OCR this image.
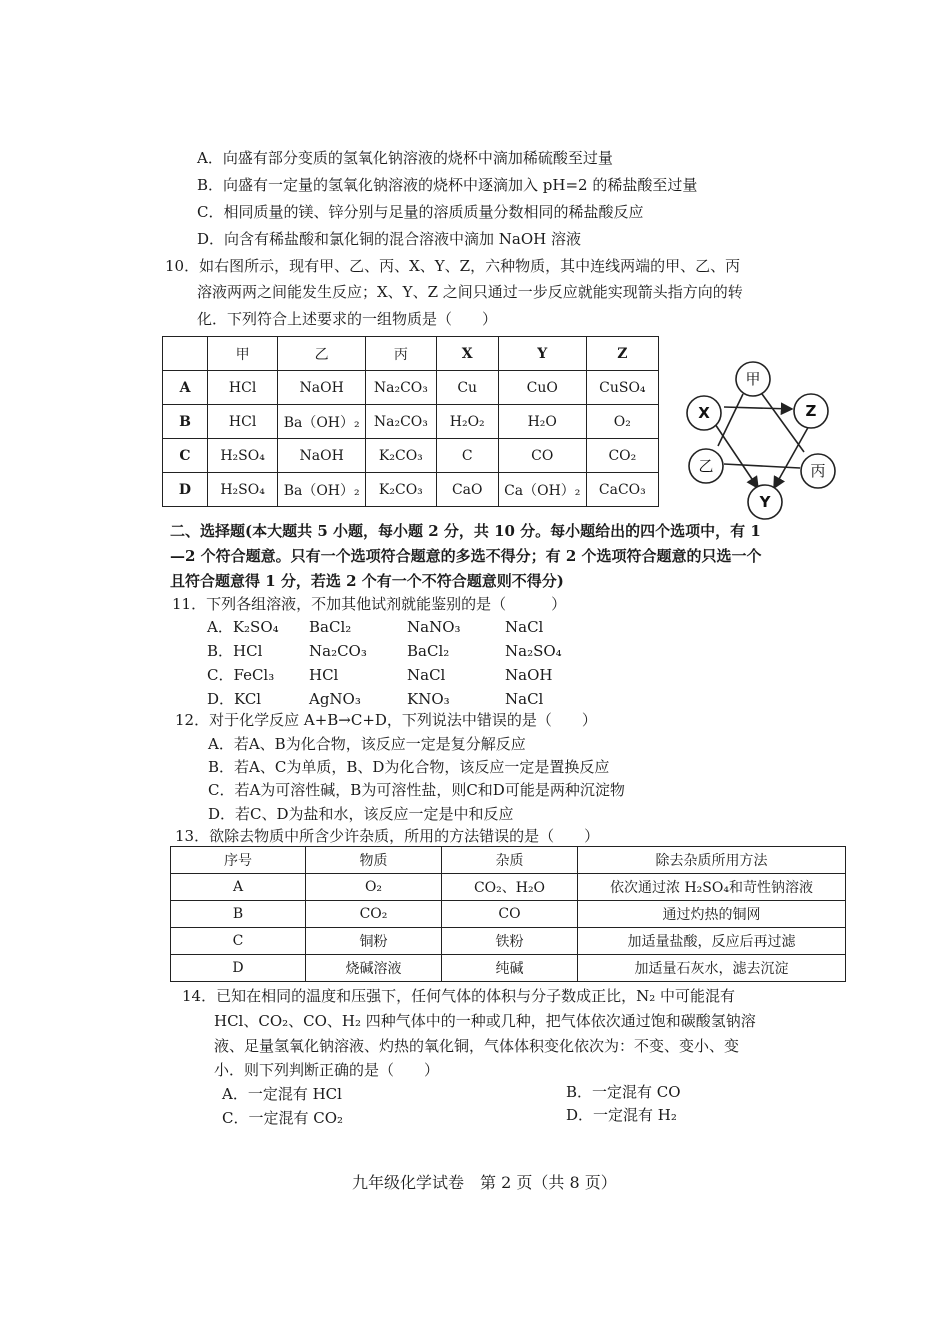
A．向盛有部分变质的氢氧化钠溶液的烧杯中滴加稀硫酸至过量
B．向盛有一定量的氢氧化钠溶液的烧杯中逐滴加入 pH=2 的稀盐酸至过量
C．相同质量的镁、锌分别与足量的溶质质量分数相同的稀盐酸反应
D．向含有稀盐酸和氯化铜的混合溶液中滴加 NaOH 溶液
10．如右图所示，现有甲、乙、丙、X、Y、Z，六种物质，其中连线两端的甲、乙、丙
溶液两两之间能发生反应；X、Y、Z 之间只通过一步反应就能实现箭头指方向的转
化．下列符合上述要求的一组物质是（　　）
	甲	乙	丙	X	Y	Z
A	HCl	NaOH	Na₂CO₃	Cu	CuO	CuSO₄
B	HCl	Ba（OH）₂	Na₂CO₃	H₂O₂	H₂O	O₂
C	H₂SO₄	NaOH	K₂CO₃	C	CO	CO₂
D	H₂SO₄	Ba（OH）₂	K₂CO₃	CaO	Ca（OH）₂	CaCO₃
甲
X	Z
乙	丙
Y
二、选择题(本大题共 5 小题，每小题 2 分，共 10 分。每小题给出的四个选项中，有 1
—2 个符合题意。只有一个选项符合题意的多选不得分；有 2 个选项符合题意的只选一个
且符合题意得 1 分，若选 2 个有一个不符合题意则不得分)
11．下列各组溶液，不加其他试剂就能鉴别的是（　　　）
A．K₂SO₄ BaCl₂	NaNO₃	NaCl
B．HCl	Na₂CO₃	BaCl₂	Na₂SO₄
C．FeCl₃ HCl	NaCl	NaOH
D．KCl	AgNO₃	KNO₃	NaCl
12．对于化学反应 A+B→C+D，下列说法中错误的是（　　）
A．若A、B为化合物，该反应一定是复分解反应
B．若A、C为单质，B、D为化合物，该反应一定是置换反应
C．若A为可溶性碱，B为可溶性盐，则C和D可能是两种沉淀物
D．若C、D为盐和水，该反应一定是中和反应
13．欲除去物质中所含少许杂质，所用的方法错误的是（　　）
序号	物质	杂质	除去杂质所用方法
A	O₂	CO₂、H₂O	依次通过浓 H₂SO₄和苛性钠溶液
B	CO₂	CO	通过灼热的铜网
C	铜粉	铁粉	加适量盐酸，反应后再过滤
D	烧碱溶液	纯碱	加适量石灰水，滤去沉淀
14．已知在相同的温度和压强下，任何气体的体积与分子数成正比，N₂ 中可能混有
HCl、CO₂、CO、H₂ 四种气体中的一种或几种，把气体依次通过饱和碳酸氢钠溶
液、足量氢氧化钠溶液、灼热的氧化铜，气体体积变化依次为：不变、变小、变
小．则下列判断正确的是（　　）
A．一定混有 HCl	B．一定混有 CO
C．一定混有 CO₂	D．一定混有 H₂
九年级化学试卷　第 2 页（共 8 页）
